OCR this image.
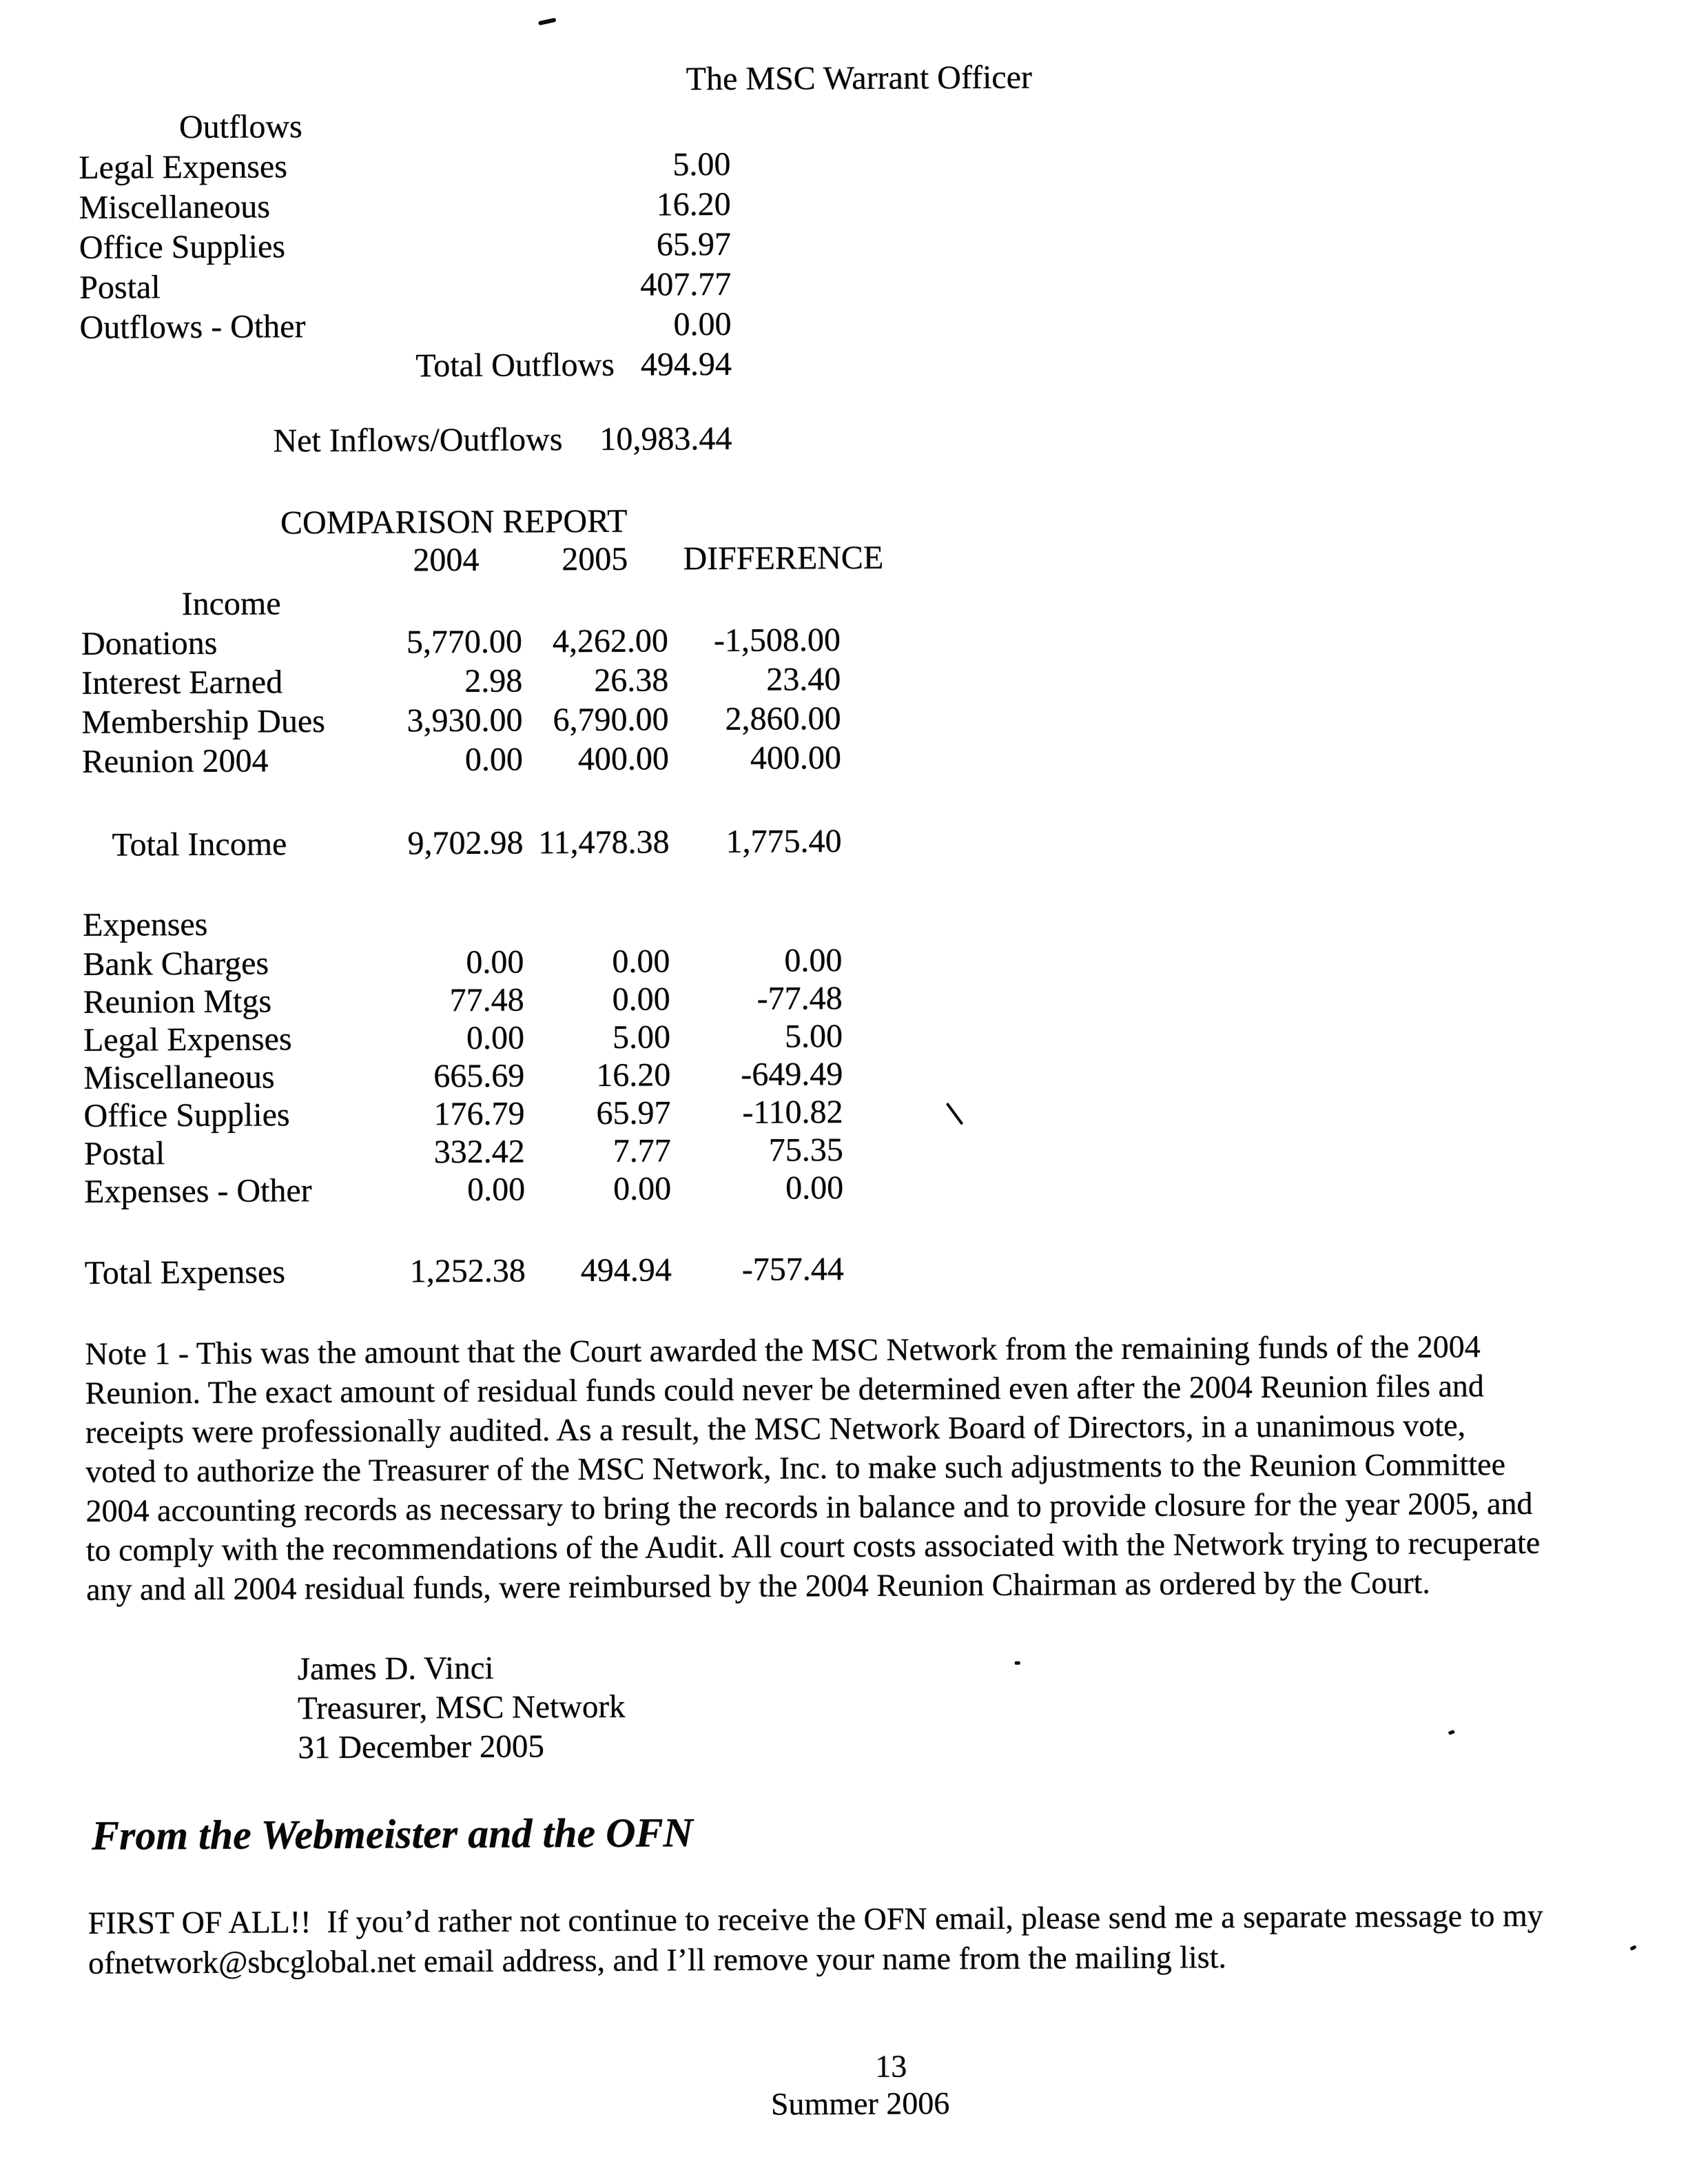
The MSC Warrant Officer
Outflows
Legal Expenses	5.00
Miscellaneous	16.20
Office Supplies	65.97
Postal	407.77
Outflows - Other	0.00
Total Outflows	494.94
Net Inflows/Outflows	10,983.44
COMPARISON REPORT
	2004	2005	DIFFERENCE
Income			
Donations	5,770.00	4,262.00	-1,508.00
Interest Earned	2.98	26.38	23.40
Membership Dues	3,930.00	6,790.00	2,860.00
Reunion 2004	0.00	400.00	400.00

Total Income	9,702.98	11,478.38	1,775.40

Expenses			
Bank Charges	0.00	0.00	0.00
Reunion Mtgs	77.48	0.00	-77.48
Legal Expenses	0.00	5.00	5.00
Miscellaneous	665.69	16.20	-649.49
Office Supplies	176.79	65.97	-110.82
Postal	332.42	7.77	75.35
Expenses - Other	0.00	0.00	0.00

Total Expenses	1,252.38	494.94	-757.44
Note 1 - This was the amount that the Court awarded the MSC Network from the remaining funds of the 2004
Reunion. The exact amount of residual funds could never be determined even after the 2004 Reunion files and
receipts were professionally audited. As a result, the MSC Network Board of Directors, in a unanimous vote,
voted to authorize the Treasurer of the MSC Network, Inc. to make such adjustments to the Reunion Committee
2004 accounting records as necessary to bring the records in balance and to provide closure for the year 2005, and
to comply with the recommendations of the Audit. All court costs associated with the Network trying to recuperate
any and all 2004 residual funds, were reimbursed by the 2004 Reunion Chairman as ordered by the Court.
James D. Vinci
Treasurer, MSC Network
31 December 2005
From the Webmeister and the OFN
FIRST OF ALL!!  If you’d rather not continue to receive the OFN email, please send me a separate message to my
ofnetwork@sbcglobal.net email address, and I’ll remove your name from the mailing list.
13
Summer 2006
